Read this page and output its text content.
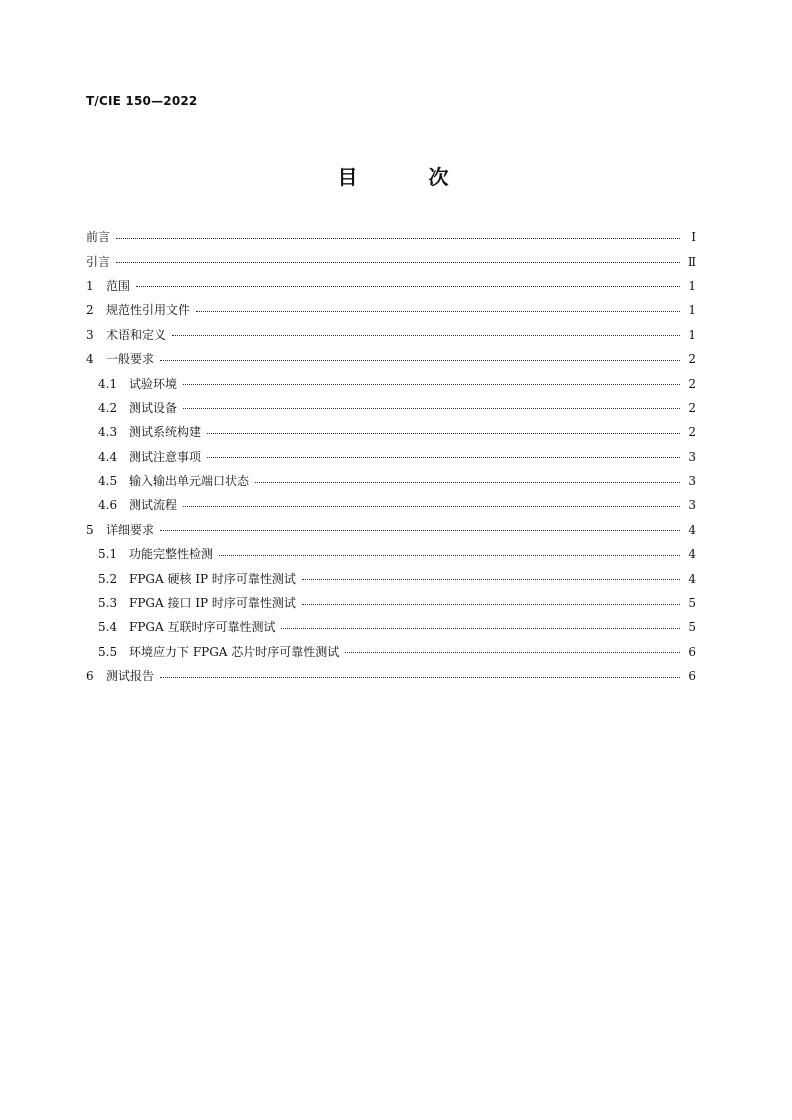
T/CIE 150—2022
目 次
前言	Ⅰ
引言	Ⅱ
1	范围	1
2	规范性引用文件	1
3	术语和定义	1
4	一般要求	2
4.1 试验环境	2
4.2 测试设备	2
4.3 测试系统构建	2
4.4 测试注意事项	3
4.5 输入输出单元端口状态	3
4.6 测试流程	3
5	详细要求	4
5.1 功能完整性检测	4
5.2 FPGA 硬核 IP 时序可靠性测试	4
5.3 FPGA 接口 IP 时序可靠性测试	5
5.4 FPGA 互联时序可靠性测试	5
5.5 环境应力下 FPGA 芯片时序可靠性测试	6
6	测试报告	6
